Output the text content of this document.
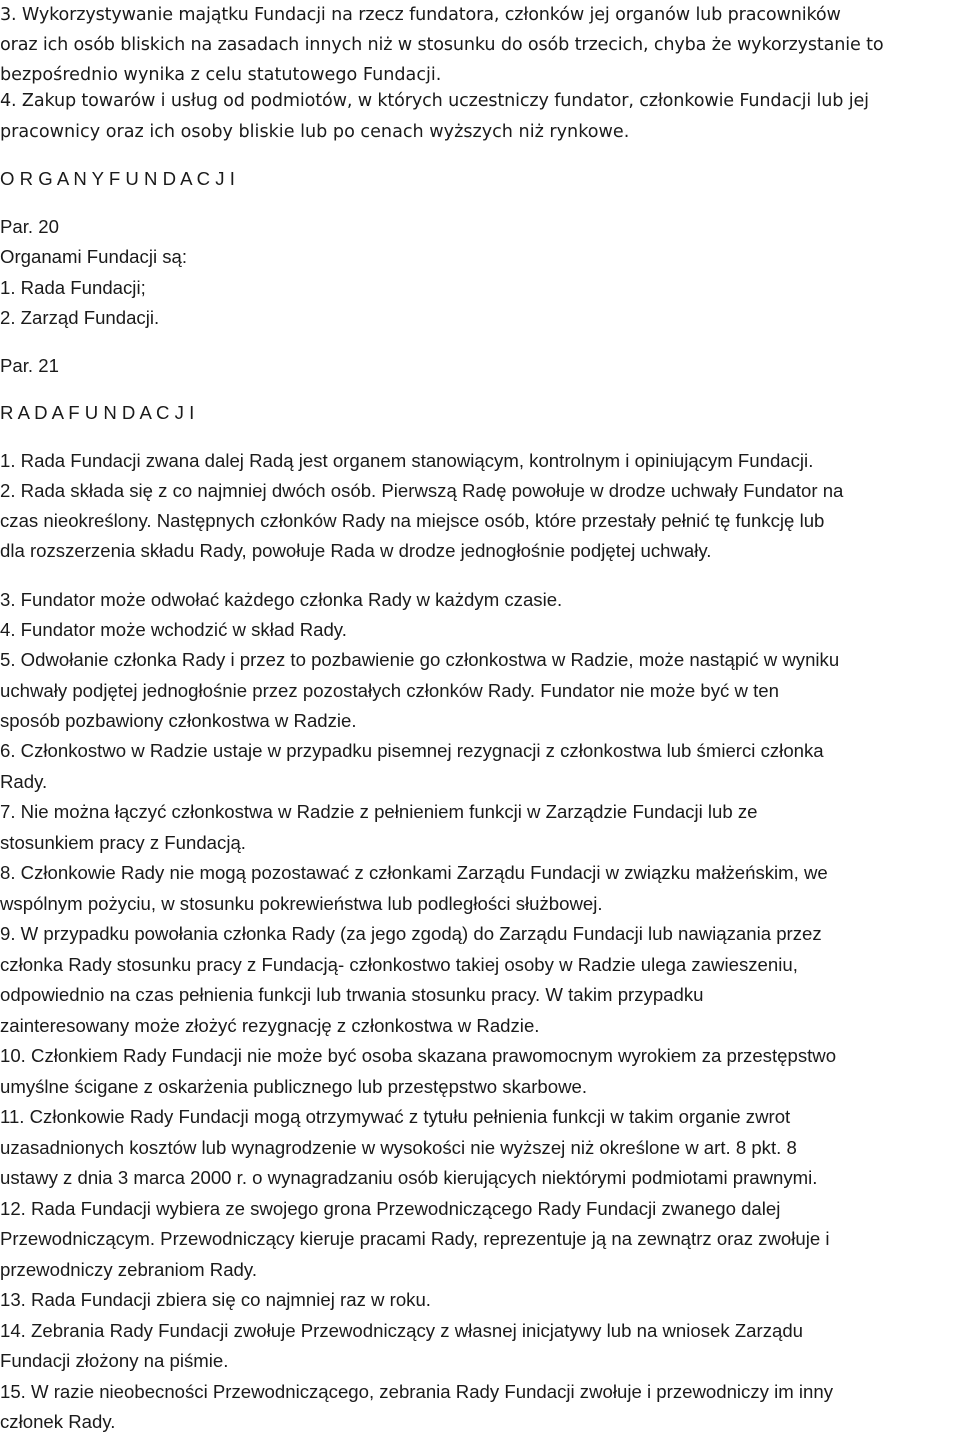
3. Wykorzystywanie majątku Fundacji na rzecz fundatora, członków jej organów lub pracowników
oraz ich osób bliskich na zasadach innych niż w stosunku do osób trzecich, chyba że wykorzystanie to
bezpośrednio wynika z celu statutowego Fundacji.
4. Zakup towarów i usług od podmiotów, w których uczestniczy fundator, członkowie Fundacji lub jej
pracownicy oraz ich osoby bliskie lub po cenach wyższych niż rynkowe.
O R G A N Y F U N D A C J I
Par. 20
Organami Fundacji są:
1. Rada Fundacji;
2. Zarząd Fundacji.
Par. 21
R A D A F U N D A C J I
1. Rada Fundacji zwana dalej Radą jest organem stanowiącym, kontrolnym i opiniującym Fundacji.
2. Rada składa się z co najmniej dwóch osób. Pierwszą Radę powołuje w drodze uchwały Fundator na
czas nieokreślony. Następnych członków Rady na miejsce osób, które przestały pełnić tę funkcję lub
dla rozszerzenia składu Rady, powołuje Rada w drodze jednogłośnie podjętej uchwały.
3. Fundator może odwołać każdego członka Rady w każdym czasie.
4. Fundator może wchodzić w skład Rady.
5. Odwołanie członka Rady i przez to pozbawienie go członkostwa w Radzie, może nastąpić w wyniku
uchwały podjętej jednogłośnie przez pozostałych członków Rady. Fundator nie może być w ten
sposób pozbawiony członkostwa w Radzie.
6. Członkostwo w Radzie ustaje w przypadku pisemnej rezygnacji z członkostwa lub śmierci członka
Rady.
7. Nie można łączyć członkostwa w Radzie z pełnieniem funkcji w Zarządzie Fundacji lub ze
stosunkiem pracy z Fundacją.
8. Członkowie Rady nie mogą pozostawać z członkami Zarządu Fundacji w związku małżeńskim, we
wspólnym pożyciu, w stosunku pokrewieństwa lub podległości służbowej.
9. W przypadku powołania członka Rady (za jego zgodą) do Zarządu Fundacji lub nawiązania przez
członka Rady stosunku pracy z Fundacją- członkostwo takiej osoby w Radzie ulega zawieszeniu,
odpowiednio na czas pełnienia funkcji lub trwania stosunku pracy. W takim przypadku
zainteresowany może złożyć rezygnację z członkostwa w Radzie.
10. Członkiem Rady Fundacji nie może być osoba skazana prawomocnym wyrokiem za przestępstwo
umyślne ścigane z oskarżenia publicznego lub przestępstwo skarbowe.
11. Członkowie Rady Fundacji mogą otrzymywać z tytułu pełnienia funkcji w takim organie zwrot
uzasadnionych kosztów lub wynagrodzenie w wysokości nie wyższej niż określone w art. 8 pkt. 8
ustawy z dnia 3 marca 2000 r. o wynagradzaniu osób kierujących niektórymi podmiotami prawnymi.
12. Rada Fundacji wybiera ze swojego grona Przewodniczącego Rady Fundacji zwanego dalej
Przewodniczącym. Przewodniczący kieruje pracami Rady, reprezentuje ją na zewnątrz oraz zwołuje i
przewodniczy zebraniom Rady.
13. Rada Fundacji zbiera się co najmniej raz w roku.
14. Zebrania Rady Fundacji zwołuje Przewodniczący z własnej inicjatywy lub na wniosek Zarządu
Fundacji złożony na piśmie.
15. W razie nieobecności Przewodniczącego, zebrania Rady Fundacji zwołuje i przewodniczy im inny
członek Rady.
